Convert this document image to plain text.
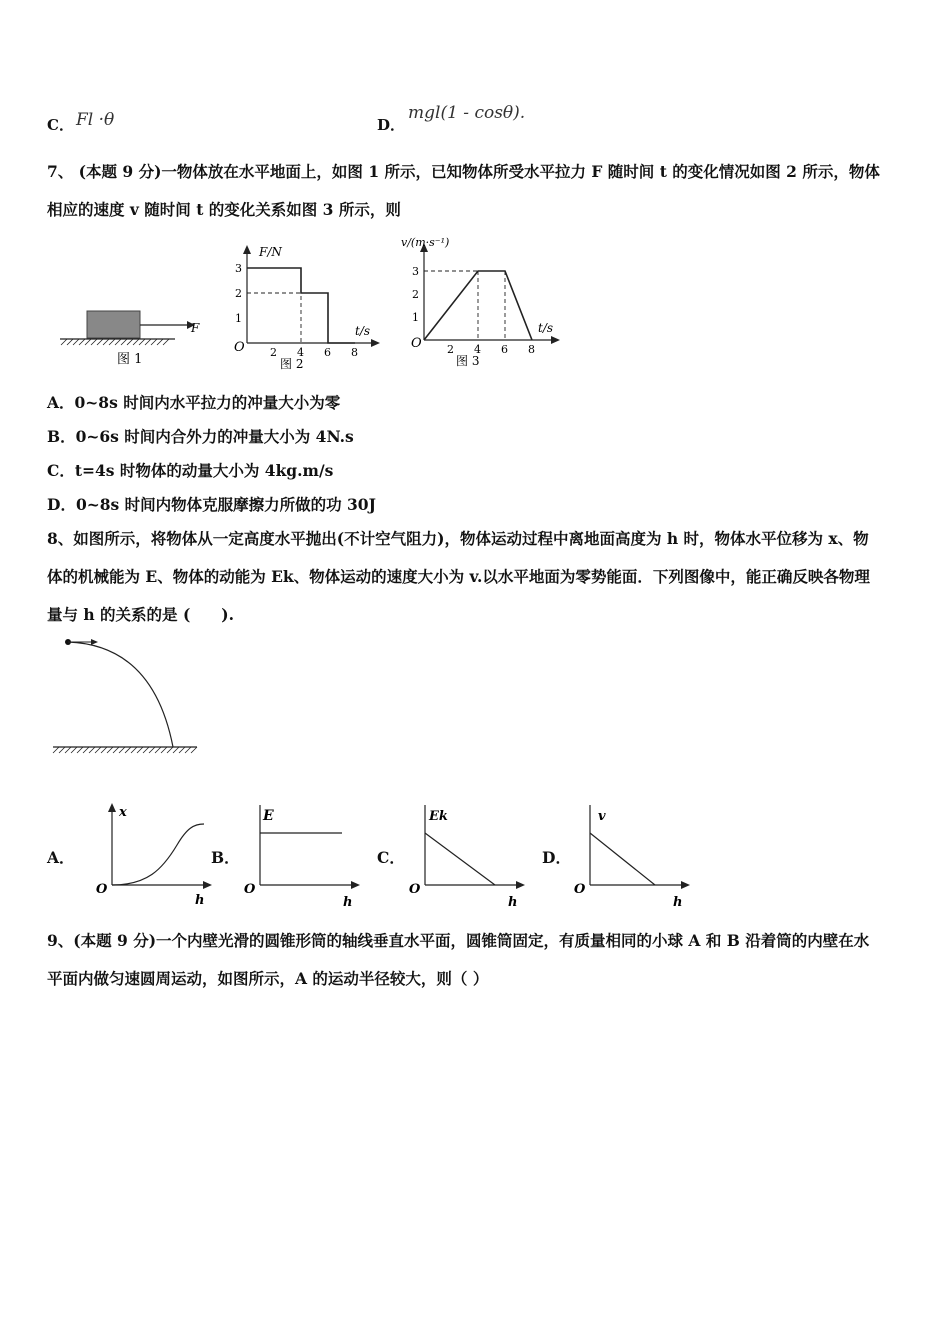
C． Fl ·θ	D．
mgl(1 - cosθ).
7、 (本题 9 分)一物体放在水平地面上，如图 1 所示，已知物体所受水平拉力 F 随时间 t 的变化情况如图 2 所示，物体
相应的速度 v 随时间 t 的变化关系如图 3 所示，则
F
图 1
F/N
t/s
O 2 4 6 8
1
2
3
图 2
v/(m·s⁻¹)
t/s
O 2 4 6 8
1
2
3
图 3
A．0~8s 时间内水平拉力的冲量大小为零
B．0~6s 时间内合外力的冲量大小为 4N.s
C．t=4s 时物体的动量大小为 4kg.m/s
D．0~8s 时间内物体克服摩擦力所做的功 30J
8、如图所示，将物体从一定高度水平抛出(不计空气阻力)，物体运动过程中离地面高度为 h 时，物体水平位移为 x、物
体的机械能为 E、物体的动能为 Ek、物体运动的速度大小为 v.以水平地面为零势能面．下列图像中，能正确反映各物理
量与 h 的关系的是 (　　).
A．
x
h
O
B．
E
h
O
C．
Ek
h
O
D．
v
h
O
9、(本题 9 分)一个内壁光滑的圆锥形筒的轴线垂直水平面，圆锥筒固定，有质量相同的小球 A 和 B 沿着筒的内壁在水
平面内做匀速圆周运动，如图所示，A 的运动半径较大，则（ ）
